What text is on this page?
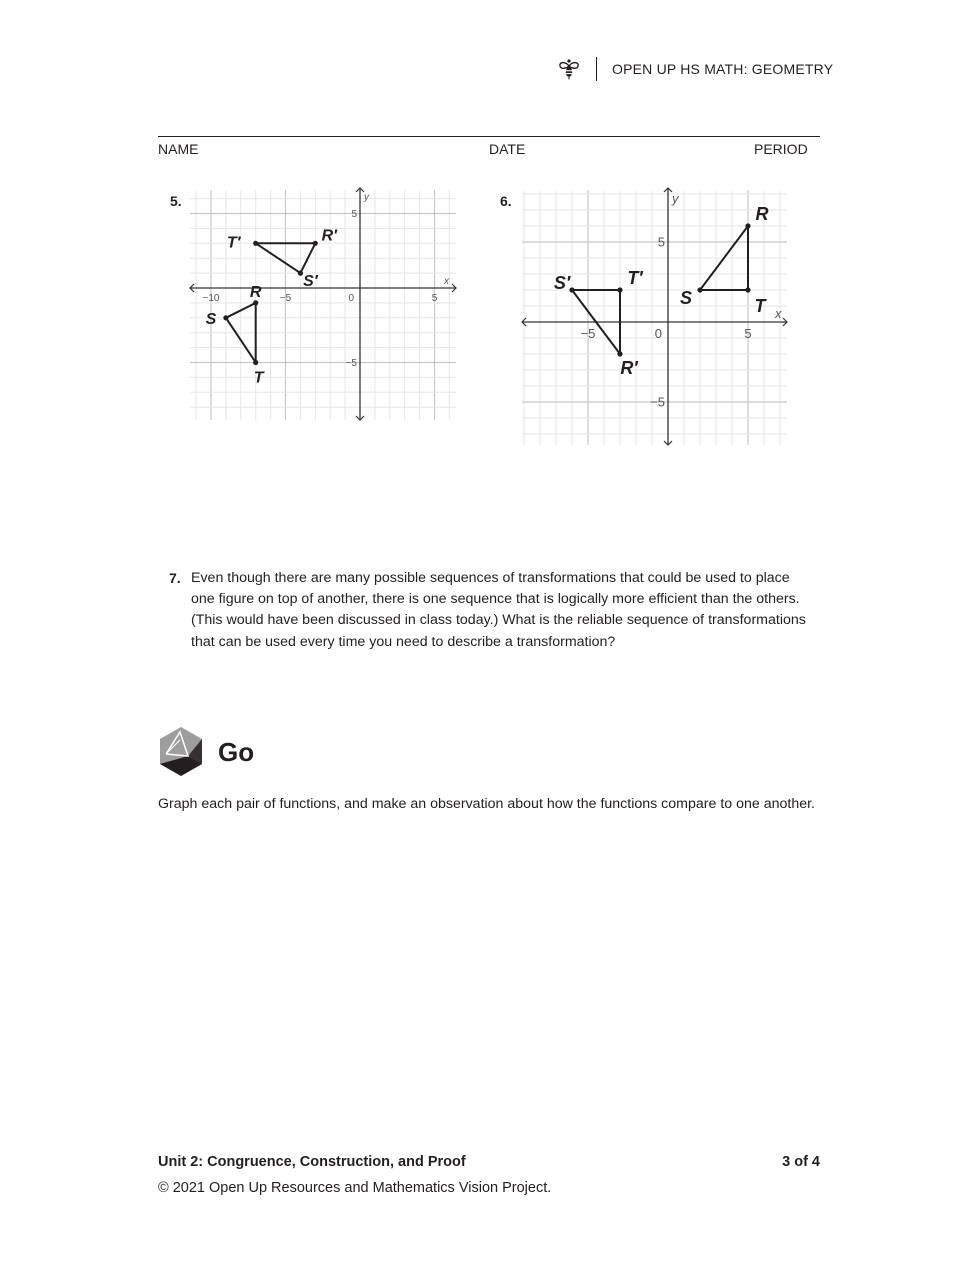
OPEN UP HS MATH: GEOMETRY
NAME	DATE	PERIOD
5.	6.
−10	−5	5
5
−5
0
x
y
R
S
T
T′	R′
S′
−5	5
5
−5
0
x
y
R
S	T
S′	T′
R′
7. Even though there are many possible sequences of transformations that could be used to place one figure on top of another, there is one sequence that is logically more efficient than the others. (This would have been discussed in class today.) What is the reliable sequence of transformations that can be used every time you need to describe a transformation?
Go
Graph each pair of functions, and make an observation about how the functions compare to one another.
Unit 2: Congruence, Construction, and Proof	3 of 4
© 2021 Open Up Resources and Mathematics Vision Project.
